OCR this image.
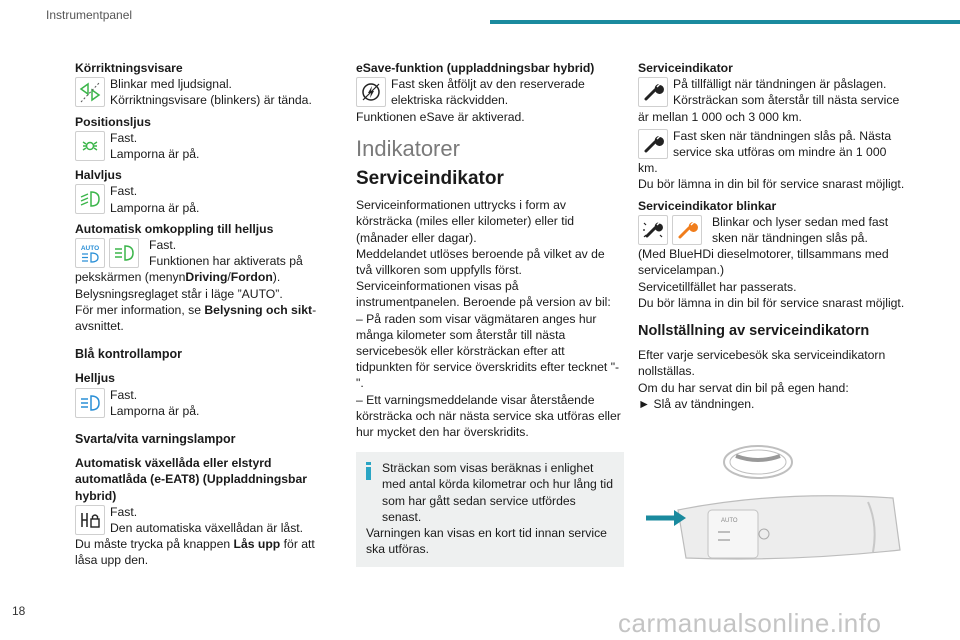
Instrumentpanel

Körriktningsvisare

Blinkar med ljudsignal.

Körriktningsvisare (blinkers) är tända.

Positionsljus

Fast.

Lamporna är på.

Halvljus

Fast.

Lamporna är på.

Automatisk omkoppling till helljus

AUTO	Fast.

Funktionen har aktiverats på pekskärmen (menynDriving/Fordon).

Belysningsreglaget står i läge ”AUTO”.

För mer information, se Belysning och sikt-avsnittet.

Blå kontrollampor

Helljus

Fast.

Lamporna är på.

Svarta/vita varningslampor

Automatisk växellåda eller elstyrd automatlåda (e-EAT8) (Uppladdningsbar hybrid)

Fast.

Den automatiska växellådan är låst.

Du måste trycka på knappen Lås upp för att låsa upp den.

eSave-funktion (uppladdningsbar hybrid)

Fast sken åtföljt av den reserverade elektriska räckvidden.

Funktionen eSave är aktiverad.

Indikatorer

Serviceindikator

Serviceinformationen uttrycks i form av körsträcka (miles eller kilometer) eller tid (månader eller dagar).

Meddelandet utlöses beroende på vilket av de två villkoren som uppfylls först.

Serviceinformationen visas på instrumentpanelen. Beroende på version av bil:

– På raden som visar vägmätaren anges hur många kilometer som återstår till nästa servicebesök eller körsträckan efter att tidpunkten för service överskridits efter tecknet "-".

– Ett varningsmeddelande visar återstående körsträcka och när nästa service ska utföras eller hur mycket den har överskridits.

Sträckan som visas beräknas i enlighet med antal körda kilometrar och hur lång tid som har gått sedan service utfördes senast.

Varningen kan visas en kort tid innan service ska utföras.

Serviceindikator

På tillfälligt när tändningen är påslagen. Körsträckan som återstår till nästa service är mellan 1 000 och 3 000 km.

Fast sken när tändningen slås på. Nästa service ska utföras om mindre än 1 000 km.

Du bör lämna in din bil för service snarast möjligt.

Serviceindikator blinkar

Blinkar och lyser sedan med fast sken när tändningen slås på.

(Med BlueHDi dieselmotorer, tillsammans med servicelampan.)

Servicetillfället har passerats.

Du bör lämna in din bil för service snarast möjligt.

Nollställning av serviceindikatorn

Efter varje servicebesök ska serviceindikatorn nollställas.

Om du har servat din bil på egen hand:

► Slå av tändningen.

AUTO
18	carmanualsonline.info
